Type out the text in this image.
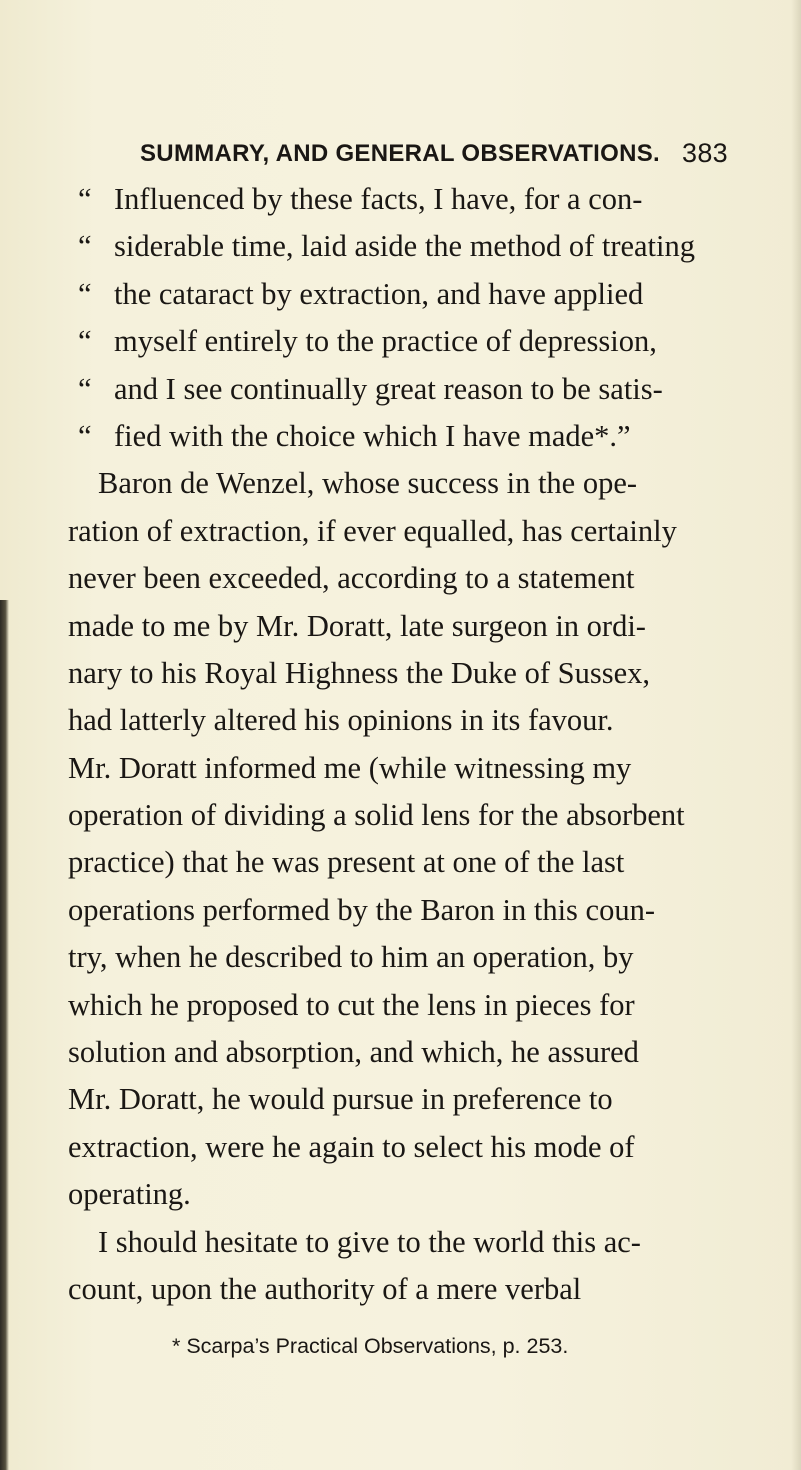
SUMMARY, AND GENERAL OBSERVATIONS. 383
“ Influenced by these facts, I have, for a con-
“ siderable time, laid aside the method of treating
“ the cataract by extraction, and have applied
“ myself entirely to the practice of depression,
“ and I see continually great reason to be satis-
“ fied with the choice which I have made*.”
Baron de Wenzel, whose success in the ope-
ration of extraction, if ever equalled, has certainly
never been exceeded, according to a statement
made to me by Mr. Doratt, late surgeon in ordi-
nary to his Royal Highness the Duke of Sussex,
had latterly altered his opinions in its favour.
Mr. Doratt informed me (while witnessing my
operation of dividing a solid lens for the absorbent
practice) that he was present at one of the last
operations performed by the Baron in this coun-
try, when he described to him an operation, by
which he proposed to cut the lens in pieces for
solution and absorption, and which, he assured
Mr. Doratt, he would pursue in preference to
extraction, were he again to select his mode of
operating.
I should hesitate to give to the world this ac-
count, upon the authority of a mere verbal
* Scarpa’s Practical Observations, p. 253.
